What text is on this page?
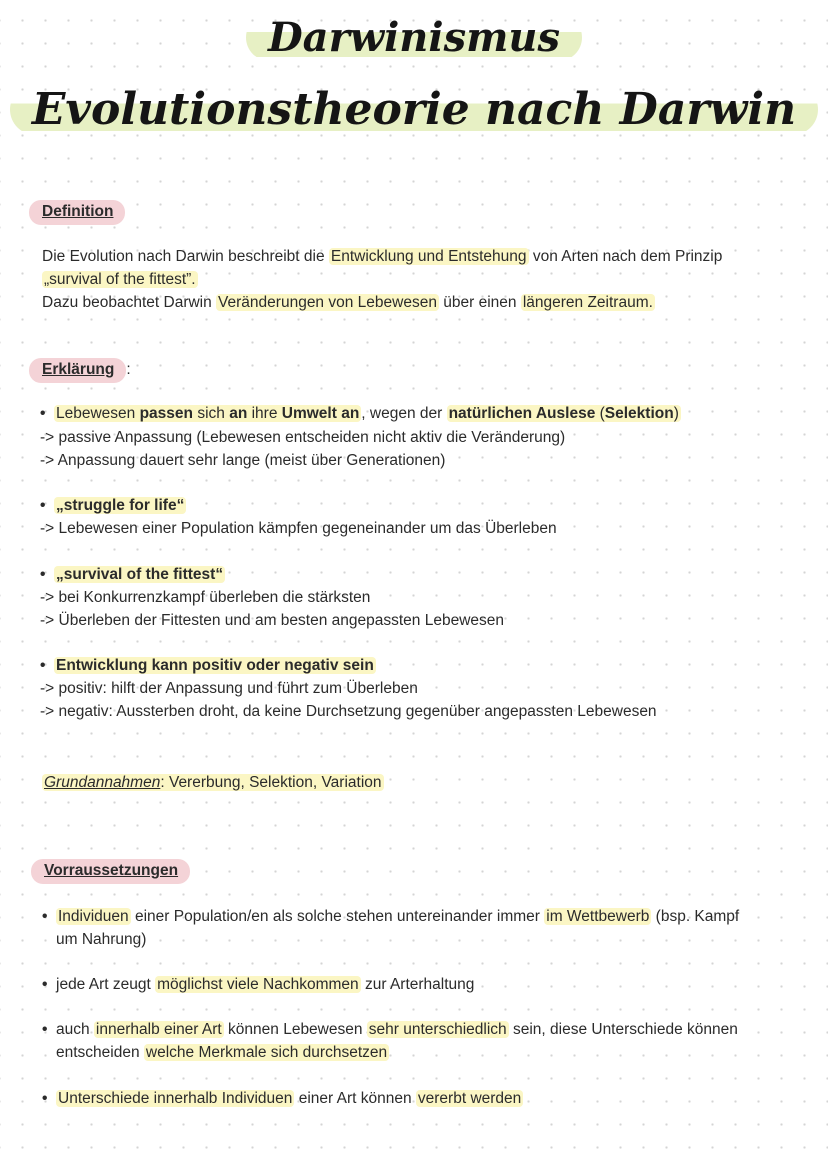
Darwinismus
Evolutionstheorie nach Darwin
Definition
Die Evolution nach Darwin beschreibt die Entwicklung und Entstehung von Arten nach dem Prinzip
„survival of the fittest”.
Dazu beobachtet Darwin Veränderungen von Lebewesen über einen längeren Zeitraum.
Erklärung :
• Lebewesen passen sich an ihre Umwelt an , wegen der natürlichen Auslese (Selektion)
-> passive Anpassung (Lebewesen entscheiden nicht aktiv die Veränderung)
-> Anpassung dauert sehr lange (meist über Generationen)
• „struggle for life“
-> Lebewesen einer Population kämpfen gegeneinander um das Überleben
• „survival of the fittest“
-> bei Konkurrenzkampf überleben die stärksten
-> Überleben der Fittesten und am besten angepassten Lebewesen
• Entwicklung kann positiv oder negativ sein
-> positiv: hilft der Anpassung und führt zum Überleben
-> negativ: Aussterben droht, da keine Durchsetzung gegenüber angepassten Lebewesen
Grundannahmen: Vererbung, Selektion, Variation
Vorraussetzungen
• Individuen einer Population/en als solche stehen untereinander immer im Wettbewerb (bsp. Kampf
um Nahrung)
• jede Art zeugt möglichst viele Nachkommen zur Arterhaltung
• auch innerhalb einer Art können Lebewesen sehr unterschiedlich sein, diese Unterschiede können
entscheiden welche Merkmale sich durchsetzen
• Unterschiede innerhalb Individuen einer Art können vererbt werden
